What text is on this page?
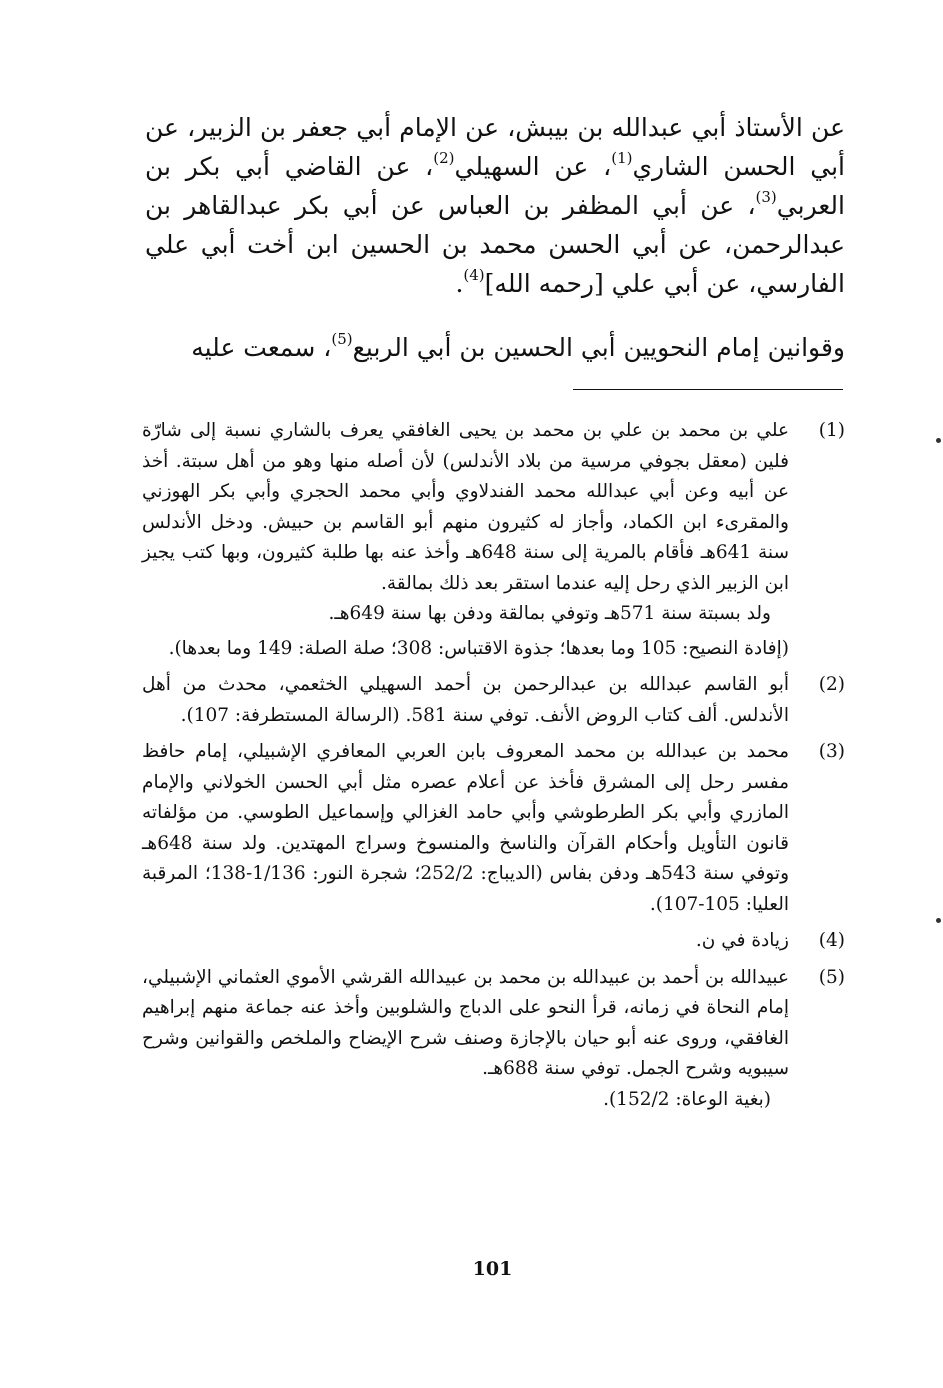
عن الأستاذ أبي عبدالله بن بيبش، عن الإمام أبي جعفر بن الزبير، عن أبي الحسن الشاري$^{(1)}$، عن السهيلي$^{(2)}$، عن القاضي أبي بكر بن العربي$^{(3)}$، عن أبي المظفر بن العباس عن أبي بكر عبدالقاهر بن عبدالرحمن، عن أبي الحسن محمد بن الحسين ابن أخت أبي علي الفارسي، عن أبي علي [رحمه الله]$^{(4)}$.

وقوانين إمام النحويين أبي الحسين بن أبي الربيع$^{(5)}$، سمعت عليه

(1)

علي بن محمد بن علي بن محمد بن يحيى الغافقي يعرف بالشاري نسبة إلى شارّة فلين (معقل بجوفي مرسية من بلاد الأندلس) لأن أصله منها وهو من أهل سبتة. أخذ عن أبيه وعن أبي عبدالله محمد الفندلاوي وأبي محمد الحجري وأبي بكر الهوزني والمقرىء ابن الكماد، وأجاز له كثيرون منهم أبو القاسم بن حبيش. ودخل الأندلس سنة 641هـ فأقام بالمرية إلى سنة 648هـ وأخذ عنه بها طلبة كثيرون، وبها كتب يجيز ابن الزبير الذي رحل إليه عندما استقر بعد ذلك بمالقة.

ولد بسبتة سنة 571هـ وتوفي بمالقة ودفن بها سنة 649هـ.

(إفادة النصيح: 105 وما بعدها؛ جذوة الاقتباس: 308؛ صلة الصلة: 149 وما بعدها).

(2)

أبو القاسم عبدالله بن عبدالرحمن بن أحمد السهيلي الخثعمي، محدث من أهل الأندلس. ألف كتاب الروض الأنف. توفي سنة 581. (الرسالة المستطرفة: 107).

(3)

محمد بن عبدالله بن محمد المعروف بابن العربي المعافري الإشبيلي، إمام حافظ مفسر رحل إلى المشرق فأخذ عن أعلام عصره مثل أبي الحسن الخولاني والإمام المازري وأبي بكر الطرطوشي وأبي حامد الغزالي وإسماعيل الطوسي. من مؤلفاته قانون التأويل وأحكام القرآن والناسخ والمنسوخ وسراج المهتدين. ولد سنة 648هـ وتوفي سنة 543هـ ودفن بفاس (الديباج: 252/2؛ شجرة النور: 1/136-138؛ المرقبة العليا: 105-107).

(4)

زيادة في ن.

(5)

عبيدالله بن أحمد بن عبيدالله بن محمد بن عبيدالله القرشي الأموي العثماني الإشبيلي، إمام النحاة في زمانه، قرأ النحو على الدباج والشلوبين وأخذ عنه جماعة منهم إبراهيم الغافقي، وروى عنه أبو حيان بالإجازة وصنف شرح الإيضاح والملخص والقوانين وشرح سيبويه وشرح الجمل. توفي سنة 688هـ.

(بغية الوعاة: 152/2).

101
